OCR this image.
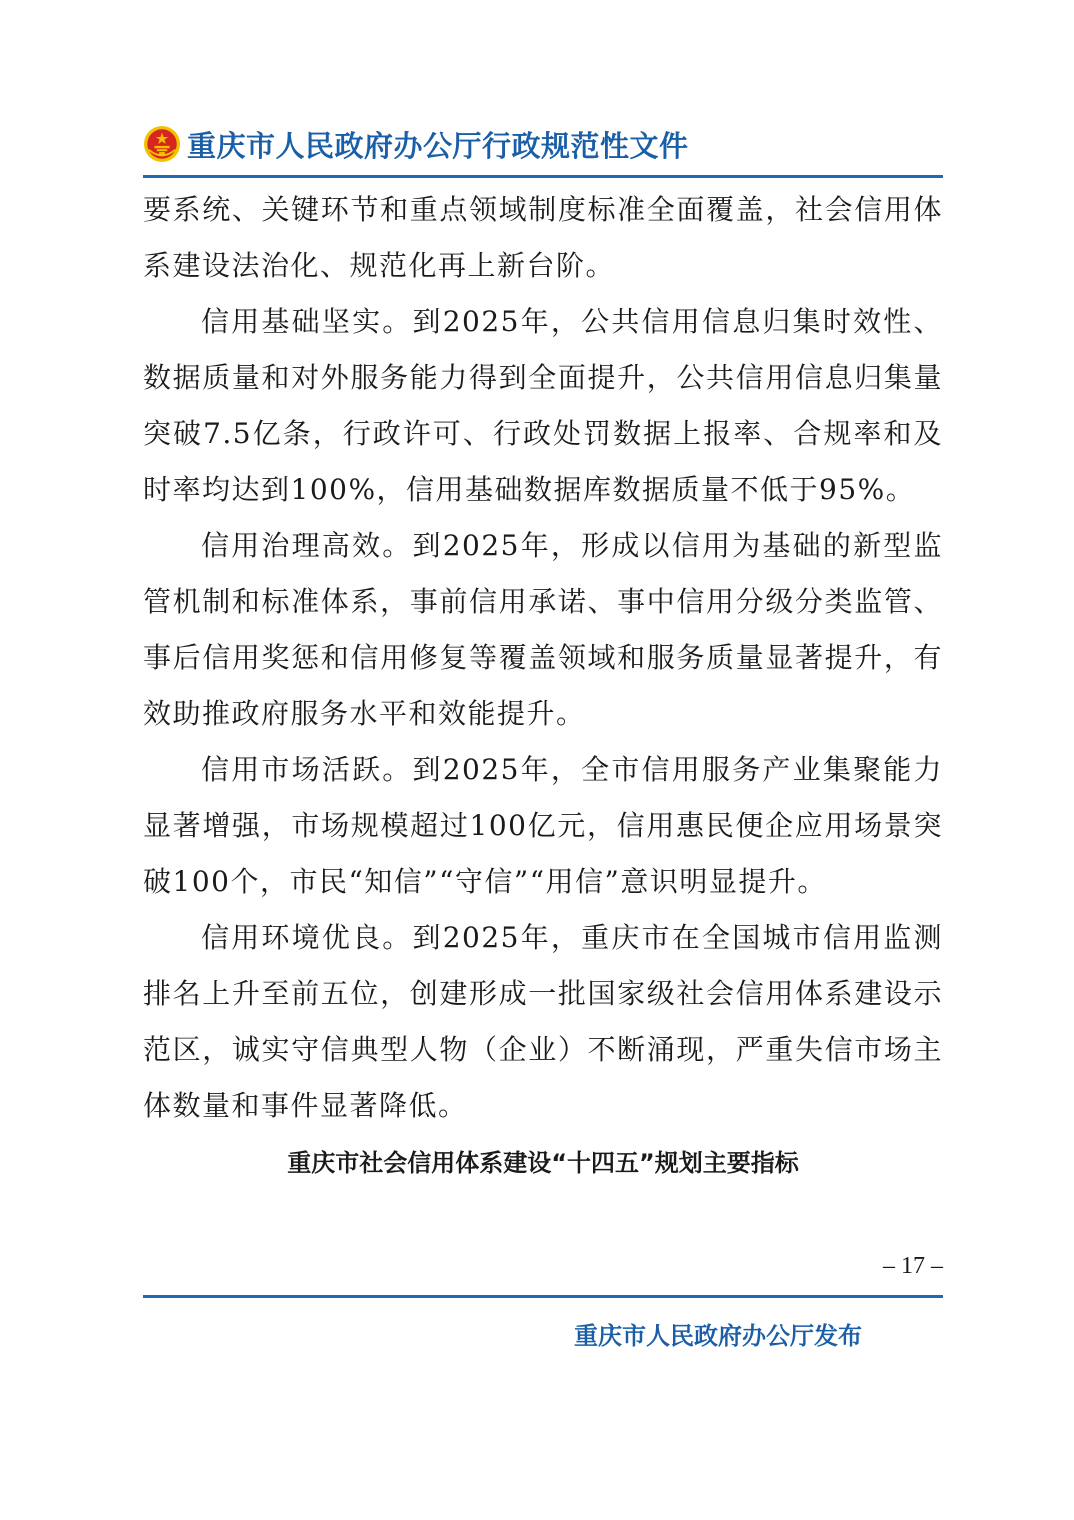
重庆市人民政府办公厅行政规范性文件

要系统、关键环节和重点领域制度标准全面覆盖，社会信用体系建设法治化、规范化再上新台阶。

信用基础坚实。到2025年，公共信用信息归集时效性、数据质量和对外服务能力得到全面提升，公共信用信息归集量突破7.5亿条，行政许可、行政处罚数据上报率、合规率和及时率均达到100%，信用基础数据库数据质量不低于95%。

信用治理高效。到2025年，形成以信用为基础的新型监管机制和标准体系，事前信用承诺、事中信用分级分类监管、事后信用奖惩和信用修复等覆盖领域和服务质量显著提升，有效助推政府服务水平和效能提升。

信用市场活跃。到2025年，全市信用服务产业集聚能力显著增强，市场规模超过100亿元，信用惠民便企应用场景突破100个，市民“知信”“守信”“用信”意识明显提升。

信用环境优良。到2025年，重庆市在全国城市信用监测排名上升至前五位，创建形成一批国家级社会信用体系建设示范区，诚实守信典型人物（企业）不断涌现，严重失信市场主体数量和事件显著降低。

重庆市社会信用体系建设“十四五”规划主要指标
– 17 –
重庆市人民政府办公厅发布
